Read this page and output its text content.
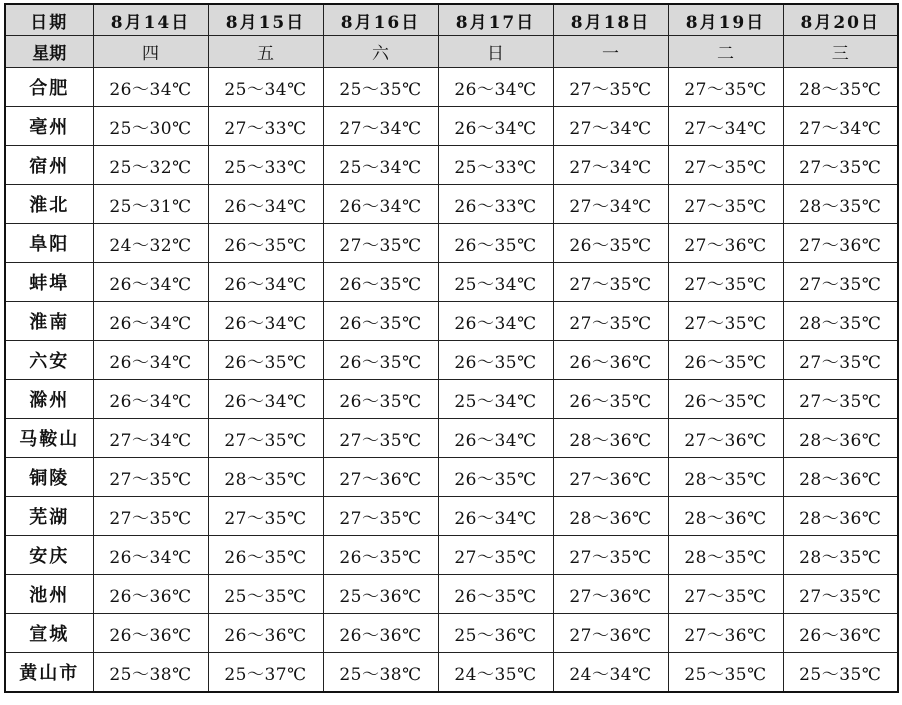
日期	8月14日	8月15日	8月16日	8月17日	8月18日	8月19日	8月20日
星期	四	五	六	日	一	二	三
合肥	26～34℃	25～34℃	25～35℃	26～34℃	27～35℃	27～35℃	28～35℃
亳州	25～30℃	27～33℃	27～34℃	26～34℃	27～34℃	27～34℃	27～34℃
宿州	25～32℃	25～33℃	25～34℃	25～33℃	27～34℃	27～35℃	27～35℃
淮北	25～31℃	26～34℃	26～34℃	26～33℃	27～34℃	27～35℃	28～35℃
阜阳	24～32℃	26～35℃	27～35℃	26～35℃	26～35℃	27～36℃	27～36℃
蚌埠	26～34℃	26～34℃	26～35℃	25～34℃	27～35℃	27～35℃	27～35℃
淮南	26～34℃	26～34℃	26～35℃	26～34℃	27～35℃	27～35℃	28～35℃
六安	26～34℃	26～35℃	26～35℃	26～35℃	26～36℃	26～35℃	27～35℃
滁州	26～34℃	26～34℃	26～35℃	25～34℃	26～35℃	26～35℃	27～35℃
马鞍山	27～34℃	27～35℃	27～35℃	26～34℃	28～36℃	27～36℃	28～36℃
铜陵	27～35℃	28～35℃	27～36℃	26～35℃	27～36℃	28～35℃	28～36℃
芜湖	27～35℃	27～35℃	27～35℃	26～34℃	28～36℃	28～36℃	28～36℃
安庆	26～34℃	26～35℃	26～35℃	27～35℃	27～35℃	28～35℃	28～35℃
池州	26～36℃	25～35℃	25～36℃	26～35℃	27～36℃	27～35℃	27～35℃
宣城	26～36℃	26～36℃	26～36℃	25～36℃	27～36℃	27～36℃	26～36℃
黄山市	25～38℃	25～37℃	25～38℃	24～35℃	24～34℃	25～35℃	25～35℃
